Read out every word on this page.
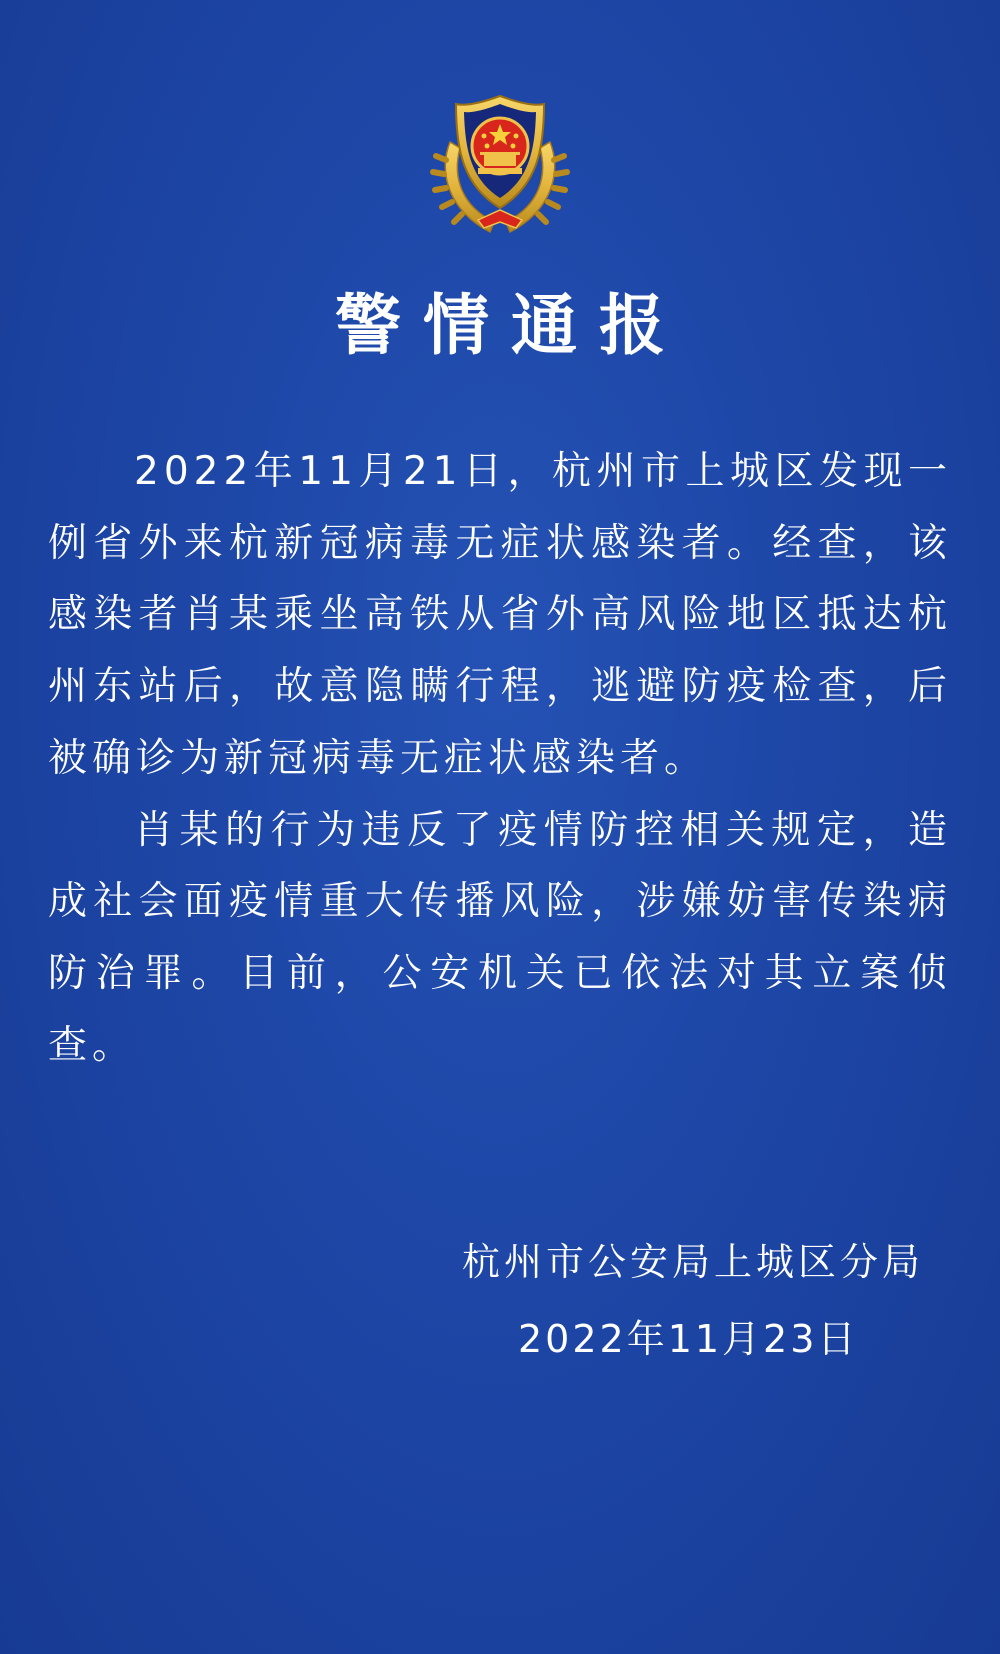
警情通报

2022年11月21日，杭州市上城区发现一例省外来杭新冠病毒无症状感染者。经查，该感染者肖某乘坐高铁从省外高风险地区抵达杭州东站后，故意隐瞒行程，逃避防疫检查，后被确诊为新冠病毒无症状感染者。

肖某的行为违反了疫情防控相关规定，造成社会面疫情重大传播风险，涉嫌妨害传染病防治罪。目前，公安机关已依法对其立案侦查。

杭州市公安局上城区分局
2022年11月23日
